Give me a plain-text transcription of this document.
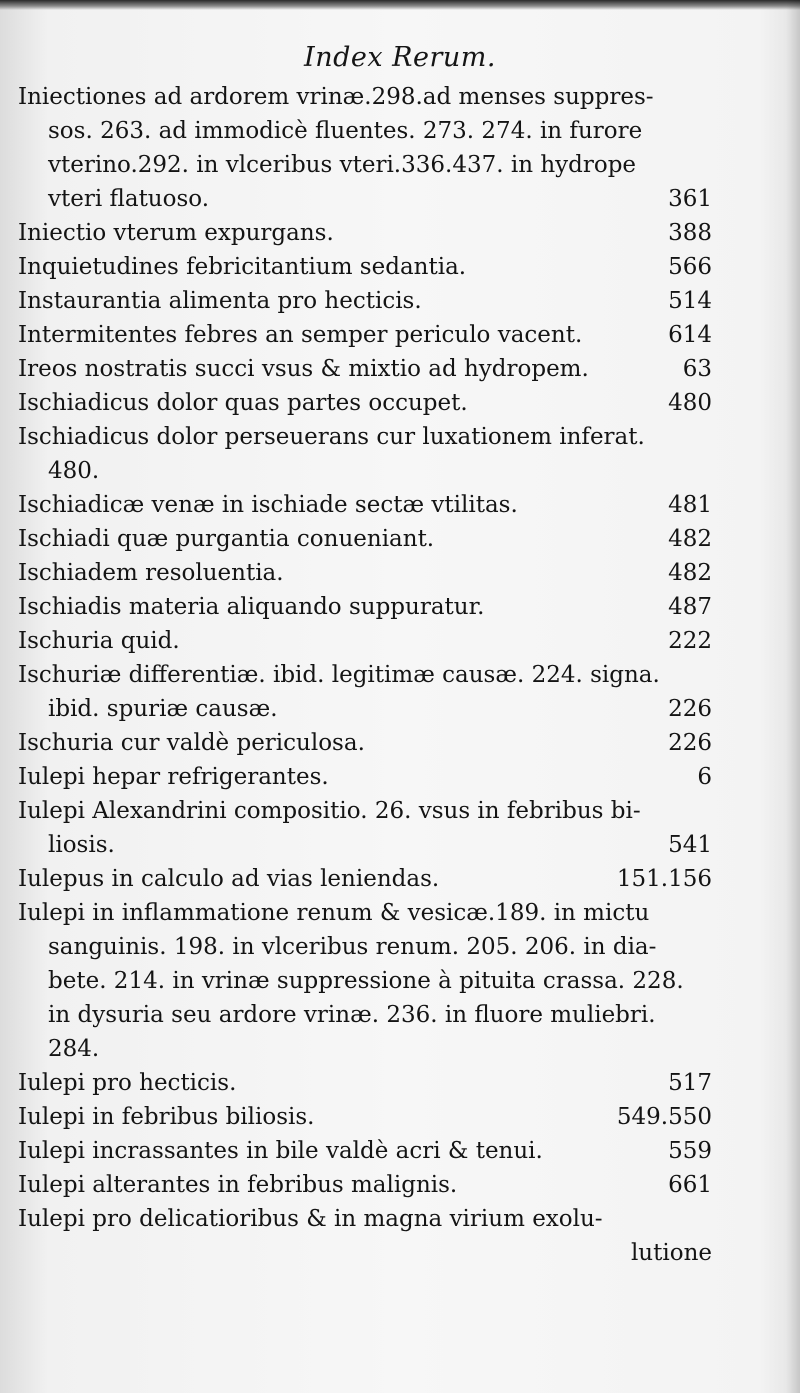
Index Rerum.
Iniectiones ad ardorem vrinæ.298.ad menses suppres-
sos. 263. ad immodicè fluentes. 273. 274. in furore
vterino.292. in vlceribus vteri.336.437. in hydrope
vteri flatuoso.	361
Iniectio vterum expurgans.	388
Inquietudines febricitantium sedantia.	566
Instaurantia alimenta pro hecticis.	514
Intermitentes febres an semper periculo vacent.	614
Ireos nostratis succi vsus & mixtio ad hydropem.	63
Ischiadicus dolor quas partes occupet.	480
Ischiadicus dolor perseuerans cur luxationem inferat.
480.
Ischiadicæ venæ in ischiade sectæ vtilitas.	481
Ischiadi quæ purgantia conueniant.	482
Ischiadem resoluentia.	482
Ischiadis materia aliquando suppuratur.	487
Ischuria quid.	222
Ischuriæ differentiæ. ibid. legitimæ causæ. 224. signa.
ibid. spuriæ causæ.	226
Ischuria cur valdè periculosa.	226
Iulepi hepar refrigerantes.	6
Iulepi Alexandrini compositio. 26. vsus in febribus bi-
liosis.	541
Iulepus in calculo ad vias leniendas.	151.156
Iulepi in inflammatione renum & vesicæ.189. in mictu
sanguinis. 198. in vlceribus renum. 205. 206. in dia-
bete. 214. in vrinæ suppressione à pituita crassa. 228.
in dysuria seu ardore vrinæ. 236. in fluore muliebri.
284.
Iulepi pro hecticis.	517
Iulepi in febribus biliosis.	549.550
Iulepi incrassantes in bile valdè acri & tenui.	559
Iulepi alterantes in febribus malignis.	661
Iulepi pro delicatioribus & in magna virium exolu-
lutione
